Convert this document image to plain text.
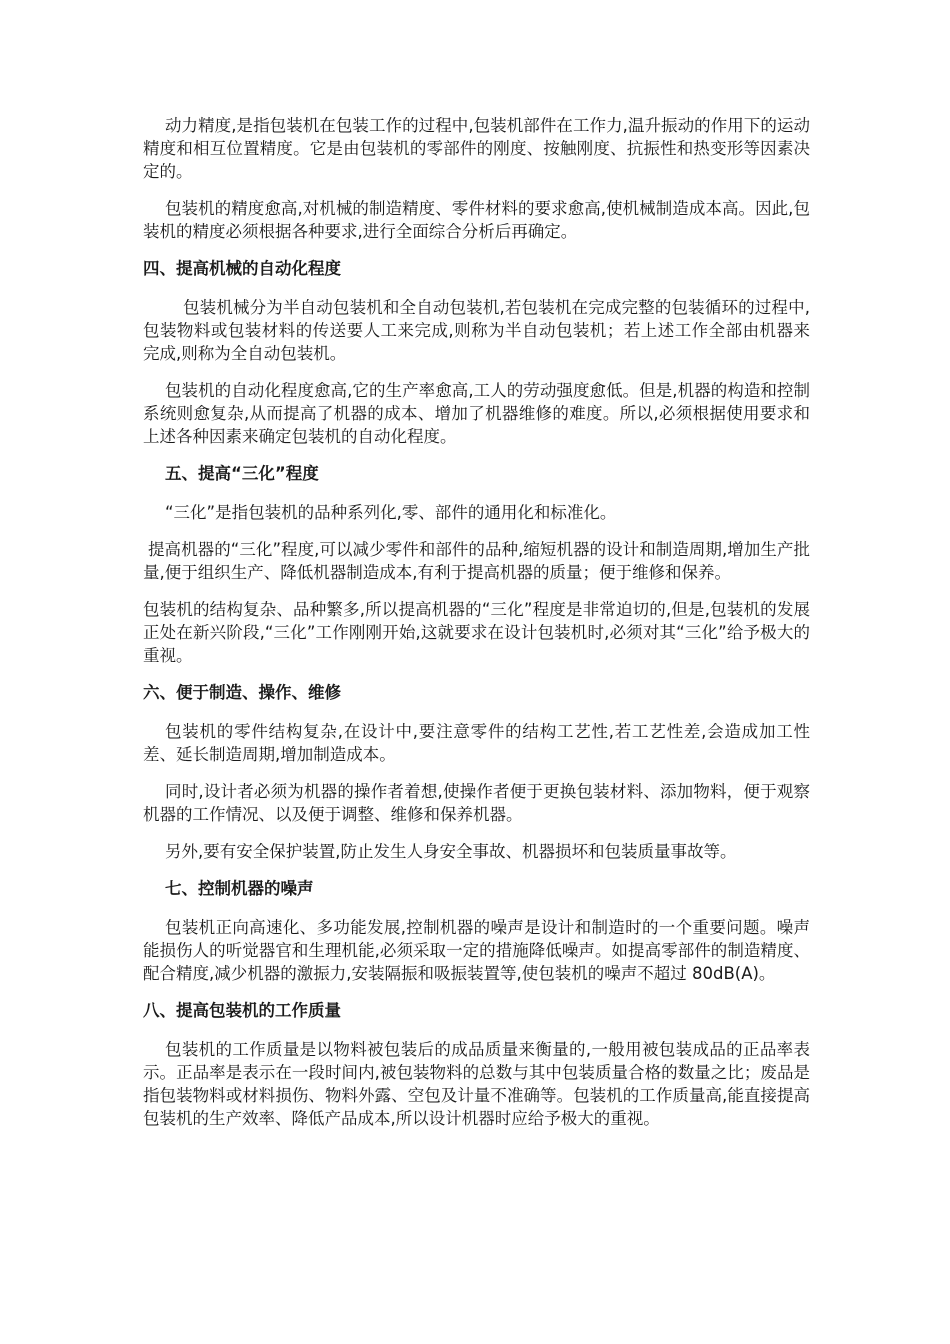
动力精度,是指包装机在包装工作的过程中,包装机部件在工作力,温升振动的作用下的运动精度和相互位置精度。它是由包装机的零部件的刚度、按触刚度、抗振性和热变形等因素决定的。

包装机的精度愈高,对机械的制造精度、零件材料的要求愈高,使机械制造成本高。因此,包装机的精度必须根据各种要求,进行全面综合分析后再确定。

四、提高机械的自动化程度

包装机械分为半自动包装机和全自动包装机,若包装机在完成完整的包装循环的过程中,包装物料或包装材料的传送要人工来完成,则称为半自动包装机；若上述工作全部由机器来 完成,则称为全自动包装机。

包装机的自动化程度愈高,它的生产率愈高,工人的劳动强度愈低。但是,机器的构造和控制系统则愈复杂,从而提高了机器的成本、增加了机器维修的难度。所以,必须根据使用要求和上述各种因素来确定包装机的自动化程度。

五、提高“三化”程度

“三化”是指包装机的品种系列化,零、部件的通用化和标准化。

提高机器的“三化”程度,可以减少零件和部件的品种,缩短机器的设计和制造周期,增加生产批量,便于组织生产、降低机器制造成本,有利于提高机器的质量；便于维修和保养。

包装机的结构复杂、品种繁多,所以提高机器的“三化”程度是非常迫切的,但是,包装机的发展正处在新兴阶段,“三化”工作刚刚开始,这就要求在设计包装机时,必须对其“三化”给予极大的重视。

六、便于制造、操作、维修

包装机的零件结构复杂,在设计中,要注意零件的结构工艺性,若工艺性差,会造成加工性差、延长制造周期,增加制造成本。

同时,设计者必须为机器的操作者着想,使操作者便于更换包装材料、添加物料，便于观察机器的工作情况、以及便于调整、维修和保养机器。

另外,要有安全保护装置,防止发生人身安全事故、机器损坏和包装质量事故等。

七、控制机器的噪声

包装机正向高速化、多功能发展,控制机器的噪声是设计和制造时的一个重要问题。噪声能损伤人的听觉器官和生理机能,必须采取一定的措施降低噪声。如提高零部件的制造精度、配合精度,减少机器的激振力,安装隔振和吸振装置等,使包装机的噪声不超过 80dB(A)。

八、提高包装机的工作质量

包装机的工作质量是以物料被包装后的成品质量来衡量的,一般用被包装成品的正品率表示。正品率是表示在一段时间内,被包装物料的总数与其中包装质量合格的数量之比；废品是指包装物料或材料损伤、物料外露、空包及计量不准确等。包装机的工作质量高,能直接提高包装机的生产效率、降低产品成本,所以设计机器时应给予极大的重视。
